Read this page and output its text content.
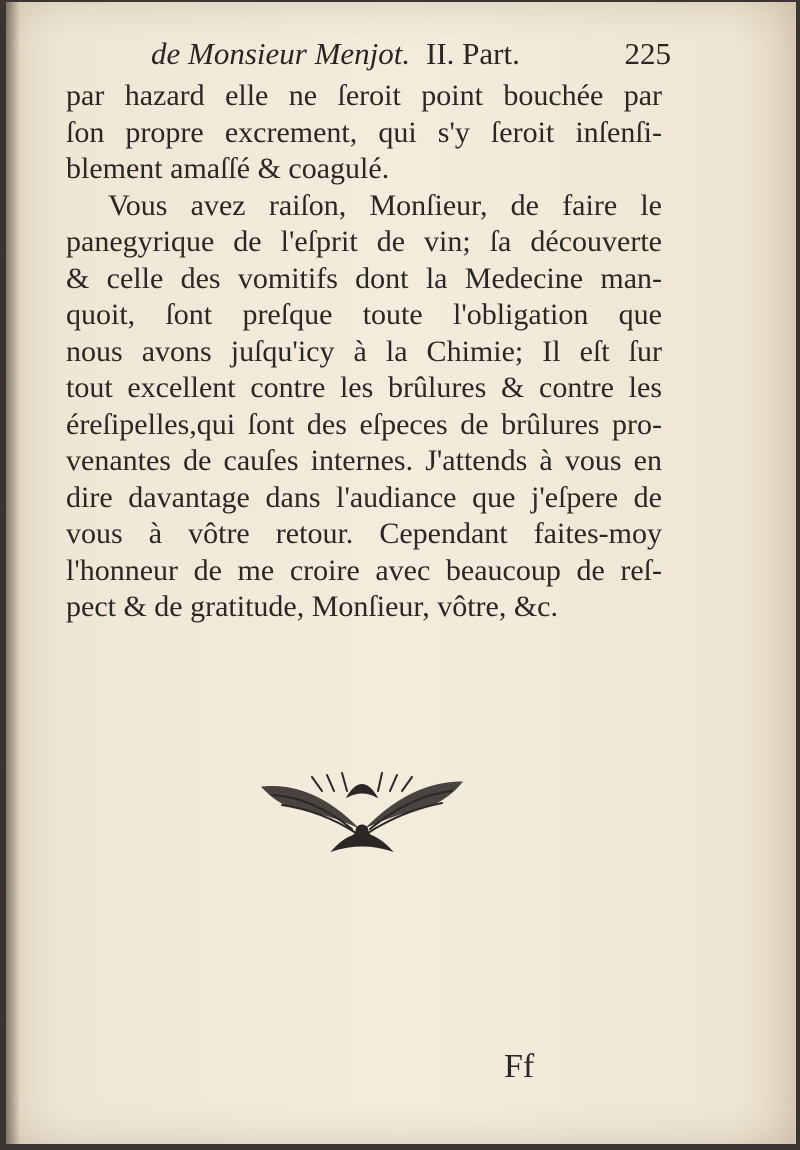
de Monsieur Menjot. II. Part.	225
par hazard elle ne ſeroit point bouchée par
ſon propre excrement, qui s'y ſeroit inſenſi-
blement amaſſé & coagulé.
Vous avez raiſon, Monſieur, de faire le
panegyrique de l'eſprit de vin; ſa découverte
& celle des vomitifs dont la Medecine man-
quoit, ſont preſque toute l'obligation que
nous avons juſqu'icy à la Chimie; Il eſt ſur
tout excellent contre les brûlures & contre les
éreſipelles,qui ſont des eſpeces de brûlures pro-
venantes de cauſes internes. J'attends à vous en
dire davantage dans l'audiance que j'eſpere de
vous à vôtre retour. Cependant faites-moy
l'honneur de me croire avec beaucoup de reſ-
pect & de gratitude, Monſieur, vôtre, &c.
Ff
